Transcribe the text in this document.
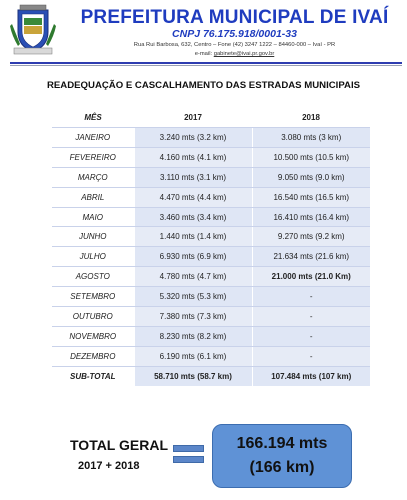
PREFEITURA MUNICIPAL DE IVAÍ
CNPJ 76.175.918/0001-33
Rua Rui Barbosa, 632, Centro – Fone (42) 3247 1222 – 84460-000 – Ivaí - PR
e-mail: gabinete@ivai.pr.gov.br
READEQUAÇÃO E CASCALHAMENTO DAS ESTRADAS MUNICIPAIS
MÊS	2017	2018
JANEIRO	3.240 mts (3.2 km)	3.080 mts (3 km)
FEVEREIRO	4.160 mts (4.1 km)	10.500 mts (10.5 km)
MARÇO	3.110 mts (3.1 km)	9.050 mts (9.0 km)
ABRIL	4.470 mts (4.4 km)	16.540 mts (16.5 km)
MAIO	3.460 mts (3.4 km)	16.410 mts (16.4 km)
JUNHO	1.440 mts (1.4 km)	9.270 mts (9.2 km)
JULHO	6.930 mts (6.9 km)	21.634 mts (21.6 km)
AGOSTO	4.780 mts (4.7 km)	21.000 mts (21.0 Km)
SETEMBRO	5.320 mts (5.3 km)	-
OUTUBRO	7.380 mts (7.3 km)	-
NOVEMBRO	8.230 mts (8.2 km)	-
DEZEMBRO	6.190 mts (6.1 km)	-
SUB-TOTAL	58.710 mts (58.7 km)	107.484 mts (107 km)
TOTAL GERAL
2017 + 2018
166.194 mts
(166 km)
